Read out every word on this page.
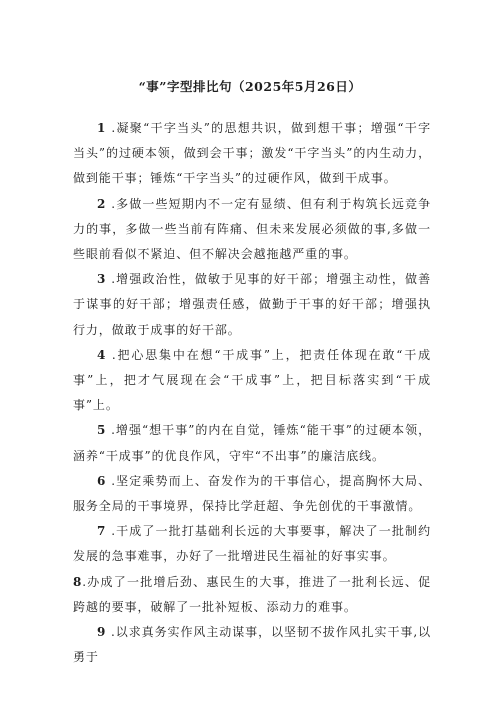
“事”字型排比句（2025年5月26日）

1 .凝聚“干字当头”的思想共识，做到想干事；增强“干字当头”的过硬本领，做到会干事；激发“干字当头”的内生动力，做到能干事；锤炼“干字当头”的过硬作风，做到干成事。

2 .多做一些短期内不一定有显绩、但有利于构筑长远竞争力的事，多做一些当前有阵痛、但未来发展必须做的事,多做一些眼前看似不紧迫、但不解决会越拖越严重的事。

3 .增强政治性，做敏于见事的好干部；增强主动性，做善于谋事的好干部；增强责任感，做勤于干事的好干部；增强执行力，做敢于成事的好干部。

4 .把心思集中在想“干成事”上，把责任体现在敢“干成事”上，把才气展现在会“干成事”上，把目标落实到“干成事”上。

5 .增强“想干事”的内在自觉，锤炼“能干事”的过硬本领，涵养“干成事”的优良作风，守牢“不出事”的廉洁底线。

6 .坚定乘势而上、奋发作为的干事信心，提高胸怀大局、服务全局的干事境界，保持比学赶超、争先创优的干事激情。

7 .干成了一批打基础利长远的大事要事，解决了一批制约发展的急事难事，办好了一批增进民生福祉的好事实事。

8.办成了一批增后劲、惠民生的大事，推进了一批利长远、促跨越的要事，破解了一批补短板、添动力的难事。

9 .以求真务实作风主动谋事，以坚韧不拔作风扎实干事,以勇于
